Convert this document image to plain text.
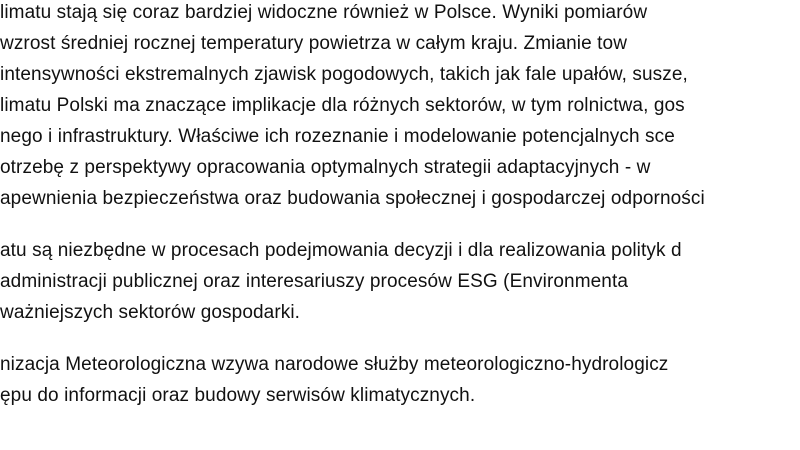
limatu stają się coraz bardziej widoczne również w Polsce. Wyniki pomiarów

wzrost średniej rocznej temperatury powietrza w całym kraju. Zmianie tow

intensywności ekstremalnych zjawisk pogodowych, takich jak fale upałów, susze,

limatu Polski ma znaczące implikacje dla różnych sektorów, w tym rolnictwa, gos

nego i infrastruktury. Właściwe ich rozeznanie i modelowanie potencjalnych sce

otrzebę z perspektywy opracowania optymalnych strategii adaptacyjnych - w

apewnienia bezpieczeństwa oraz budowania społecznej i gospodarczej odporności

atu są niezbędne w procesach podejmowania decyzji i dla realizowania polityk d

administracji publicznej oraz interesariuszy procesów ESG (Environmenta

ważniejszych sektorów gospodarki.

nizacja Meteorologiczna wzywa narodowe służby meteorologiczno-hydrologicz

ępu do informacji oraz budowy serwisów klimatycznych.
